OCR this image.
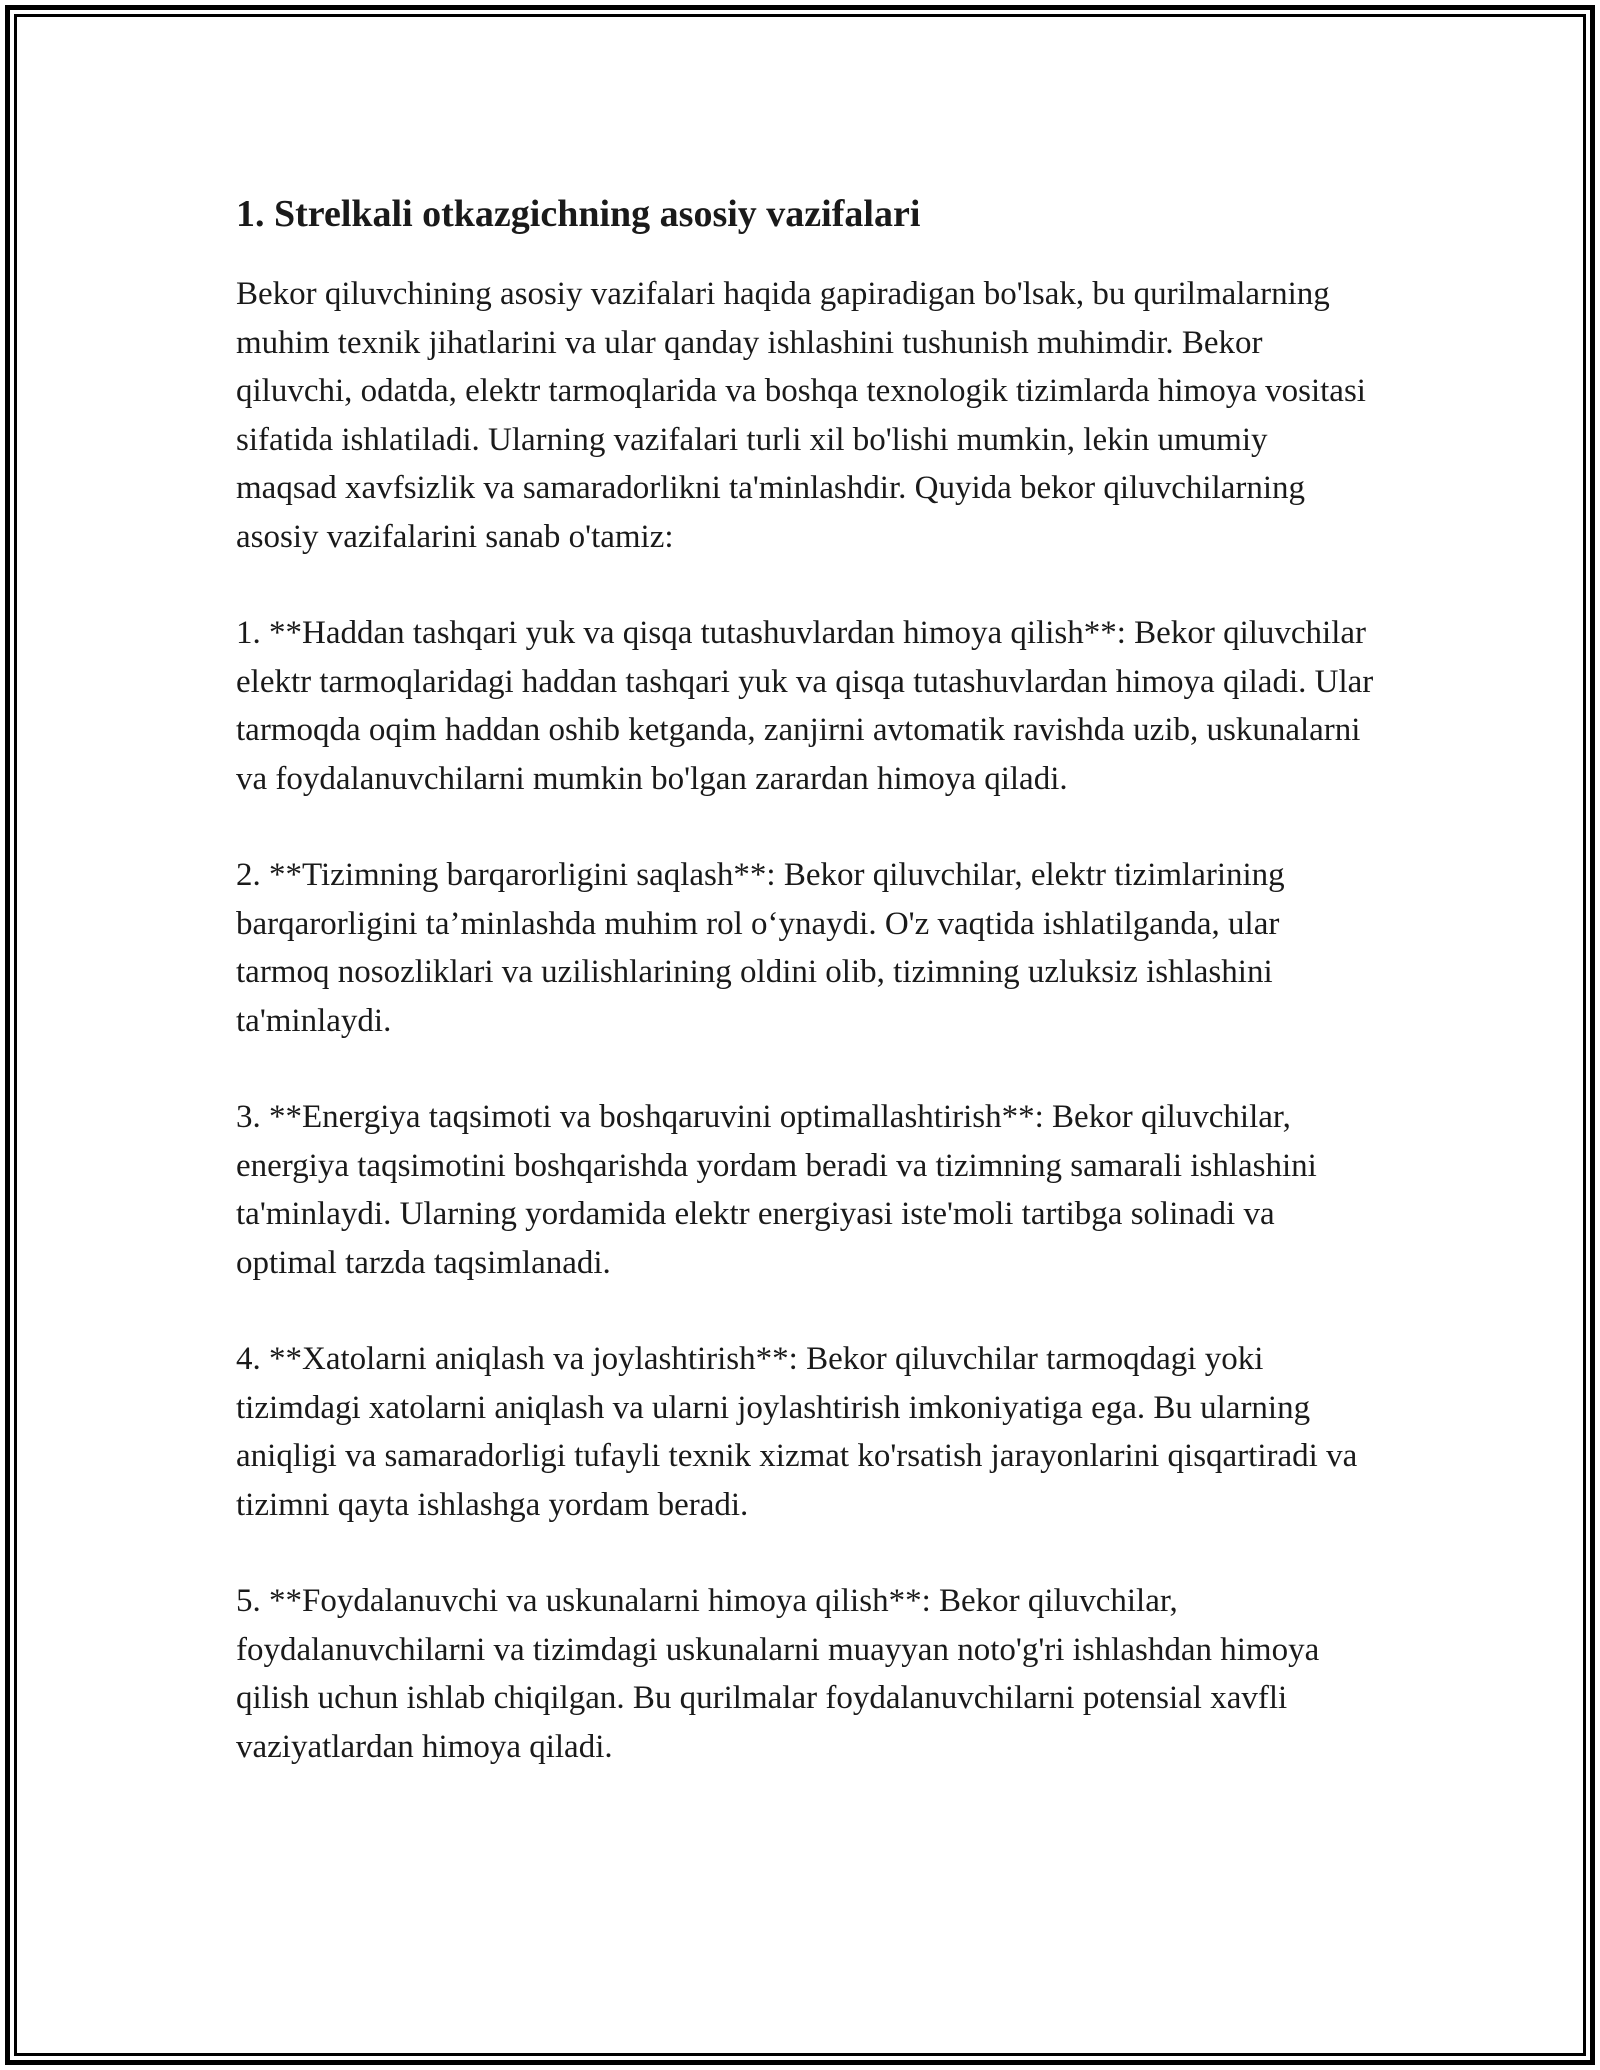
1. Strelkali otkazgichning asosiy vazifalari

Bekor qiluvchining asosiy vazifalari haqida gapiradigan bo'lsak, bu qurilmalarning muhim texnik jihatlarini va ular qanday ishlashini tushunish muhimdir. Bekor qiluvchi, odatda, elektr tarmoqlarida va boshqa texnologik tizimlarda himoya vositasi sifatida ishlatiladi. Ularning vazifalari turli xil bo'lishi mumkin, lekin umumiy maqsad xavfsizlik va samaradorlikni ta'minlashdir. Quyida bekor qiluvchilarning asosiy vazifalarini sanab o'tamiz:

1. **Haddan tashqari yuk va qisqa tutashuvlardan himoya qilish**: Bekor qiluvchilar elektr tarmoqlaridagi haddan tashqari yuk va qisqa tutashuvlardan himoya qiladi. Ular tarmoqda oqim haddan oshib ketganda, zanjirni avtomatik ravishda uzib, uskunalarni va foydalanuvchilarni mumkin bo'lgan zarardan himoya qiladi.

2. **Tizimning barqarorligini saqlash**: Bekor qiluvchilar, elektr tizimlarining barqarorligini ta’minlashda muhim rol o‘ynaydi. O'z vaqtida ishlatilganda, ular tarmoq nosozliklari va uzilishlarining oldini olib, tizimning uzluksiz ishlashini ta'minlaydi.

3. **Energiya taqsimoti va boshqaruvini optimallashtirish**: Bekor qiluvchilar, energiya taqsimotini boshqarishda yordam beradi va tizimning samarali ishlashini ta'minlaydi. Ularning yordamida elektr energiyasi iste'moli tartibga solinadi va optimal tarzda taqsimlanadi.

4. **Xatolarni aniqlash va joylashtirish**: Bekor qiluvchilar tarmoqdagi yoki tizimdagi xatolarni aniqlash va ularni joylashtirish imkoniyatiga ega. Bu ularning aniqligi va samaradorligi tufayli texnik xizmat ko'rsatish jarayonlarini qisqartiradi va tizimni qayta ishlashga yordam beradi.

5. **Foydalanuvchi va uskunalarni himoya qilish**: Bekor qiluvchilar, foydalanuvchilarni va tizimdagi uskunalarni muayyan noto'g'ri ishlashdan himoya qilish uchun ishlab chiqilgan. Bu qurilmalar foydalanuvchilarni potensial xavfli vaziyatlardan himoya qiladi.
